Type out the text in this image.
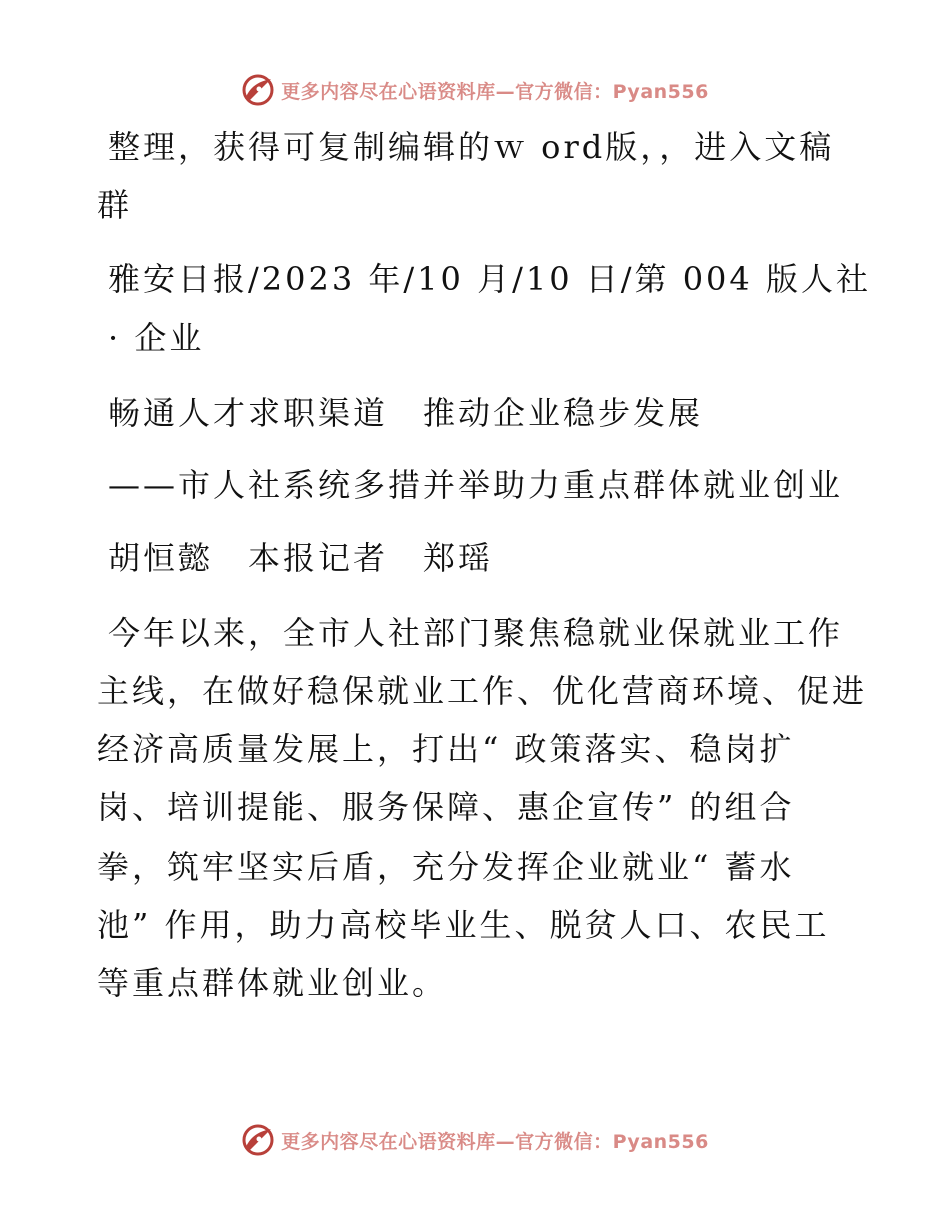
更多内容尽在心语资料库—官方微信：Pyan556
整理，获得可复制编辑的ｗ ord版，，进入文稿
群
雅安日报/2023 年/10 月/10 日/第 004 版人社
· 企业
畅通人才求职渠道　推动企业稳步发展
——市人社系统多措并举助力重点群体就业创业
胡恒懿　本报记者　郑瑶
今年以来，全市人社部门聚焦稳就业保就业工作
主线，在做好稳保就业工作、优化营商环境、促进
经济高质量发展上，打出“ 政策落实、稳岗扩
岗、培训提能、服务保障、惠企宣传” 的组合
拳，筑牢坚实后盾，充分发挥企业就业“ 蓄水
池” 作用，助力高校毕业生、脱贫人口、农民工
等重点群体就业创业。
更多内容尽在心语资料库—官方微信：Pyan556
